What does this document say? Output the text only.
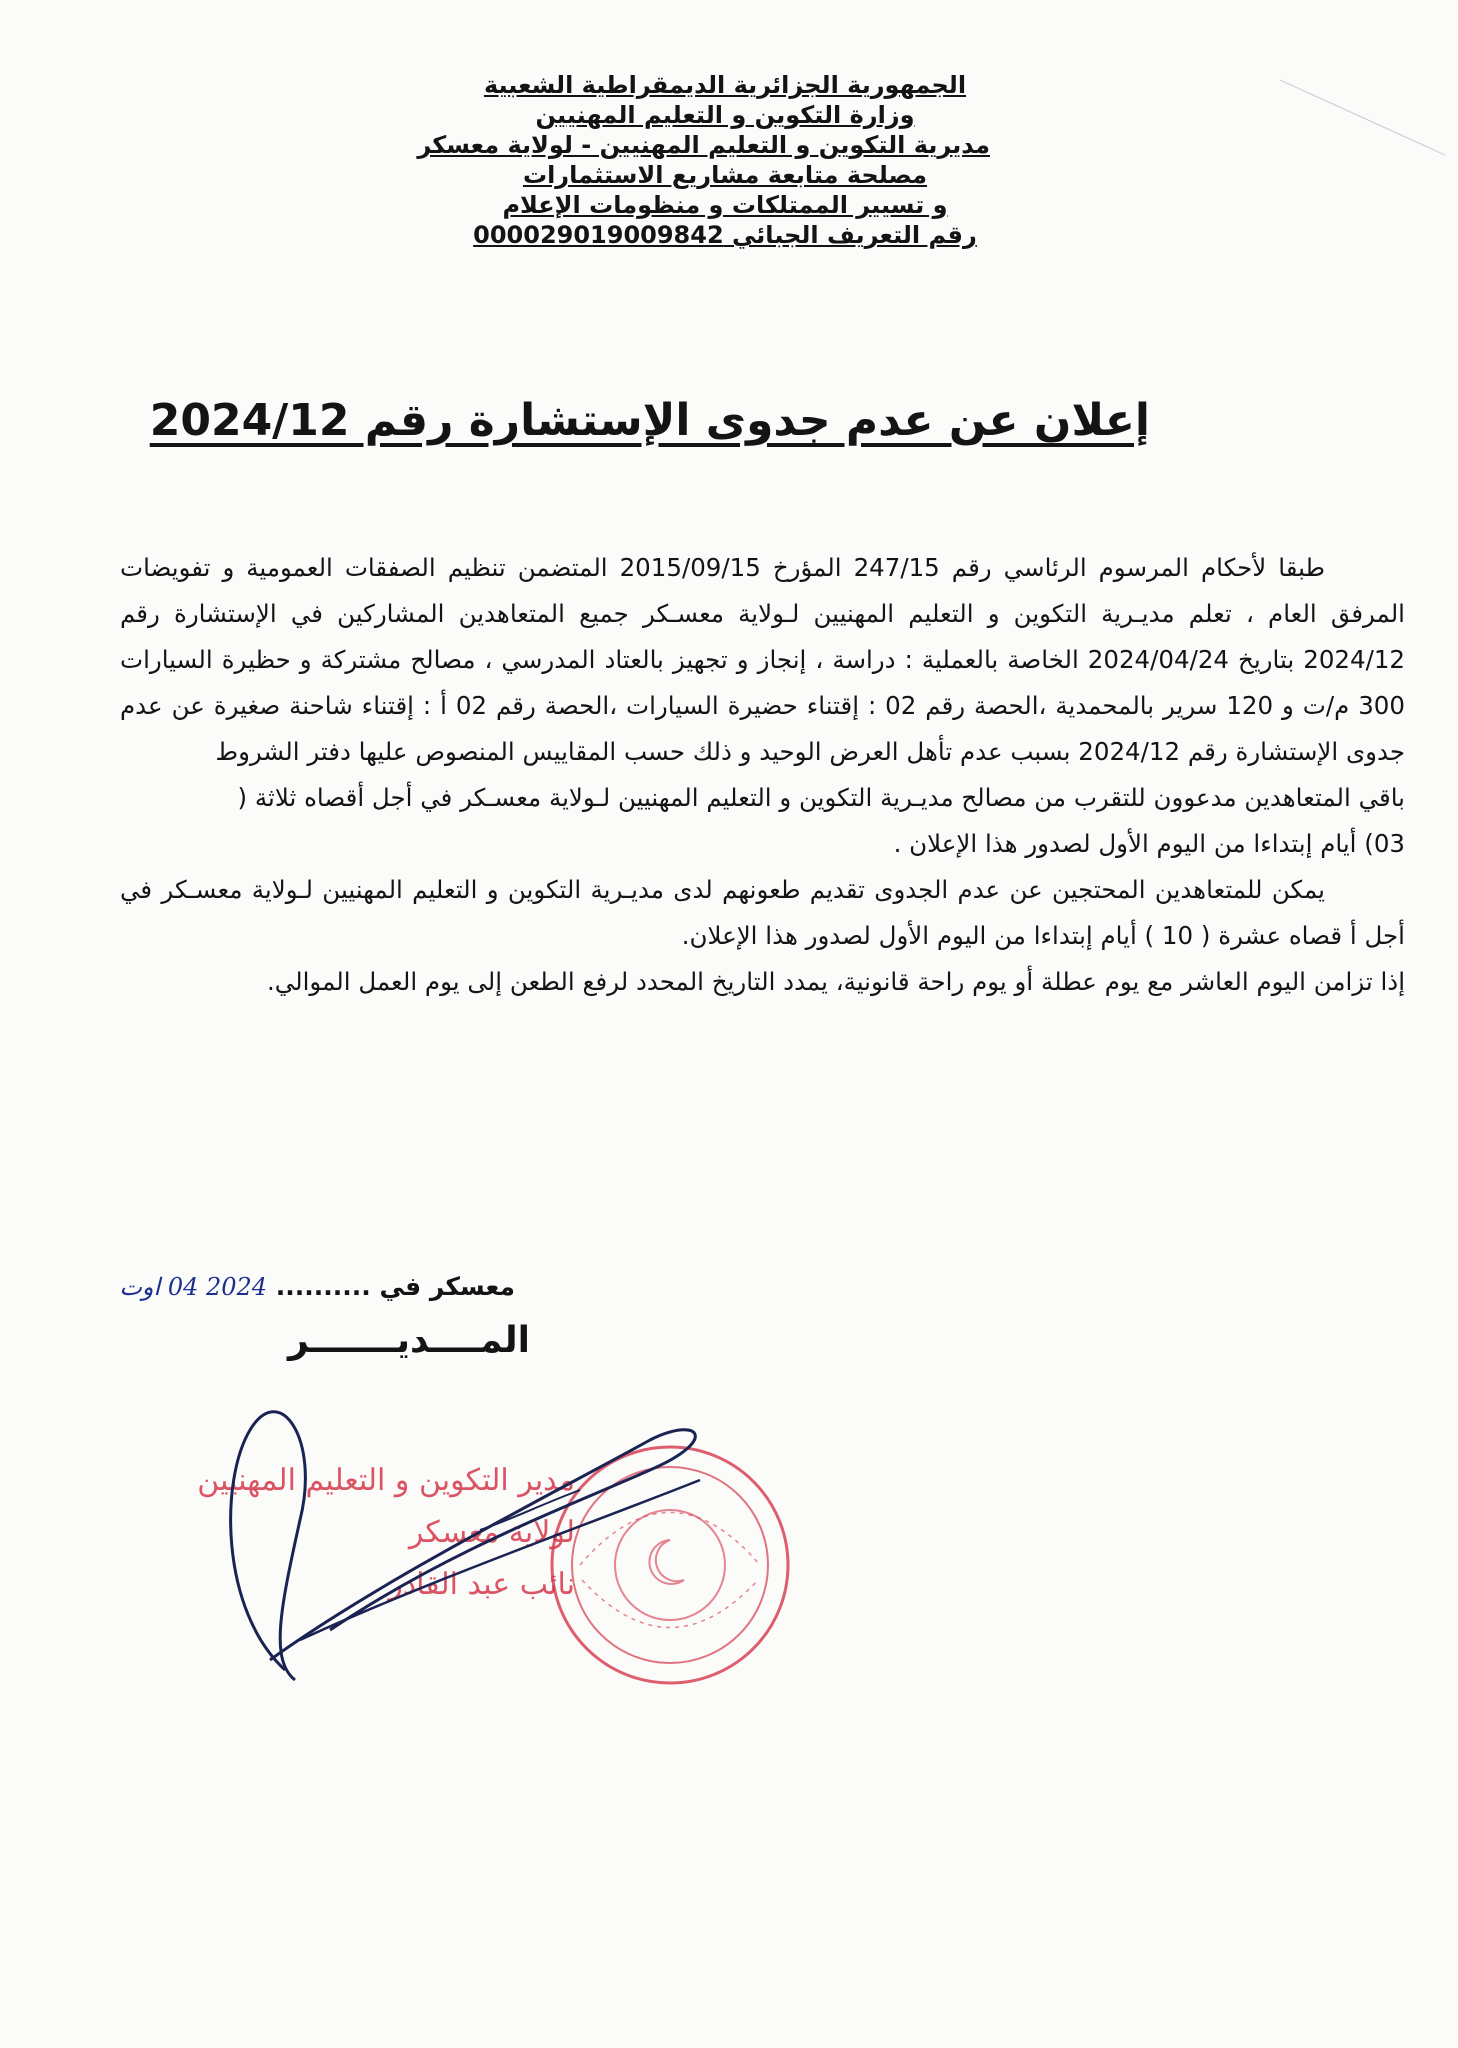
الجمهورية الجزائرية الديمقراطية الشعبية
وزارة التكوين و التعليم المهنيين
مديرية التكوين و التعليم المهنيين - لولاية معسكر
مصلحة متابعة مشاريع الاستثمارات
و تسيير الممتلكات و منظومات الإعلام
رقم التعريف الجبائي 000029019009842
إعلان عن عدم جدوى الإستشارة رقم 2024/12

طبقا لأحكام المرسوم الرئاسي رقم 247/15 المؤرخ 2015/09/15 المتضمن تنظيم الصفقات العمومية و تفويضات المرفق العام ، تعلم مديـرية التكوين و التعليم المهنيين لـولاية معسـكر جميع المتعاهدين المشاركين في الإستشارة رقم 2024/12 بتاريخ 2024/04/24 الخاصة بالعملية : دراسة ، إنجاز و تجهيز بالعتاد المدرسي ، مصالح مشتركة و حظيرة السيارات 300 م/ت و 120 سرير بالمحمدية ،الحصة رقم 02 : إقتناء حضيرة السيارات ،الحصة رقم 02 أ : إقتناء شاحنة صغيرة عن عدم جدوى الإستشارة رقم 2024/12 بسبب عدم تأهل العرض الوحيد و ذلك حسب المقاييس المنصوص عليها دفتر الشروط

باقي المتعاهدين مدعوون للتقرب من مصالح مديـرية التكوين و التعليم المهنيين لـولاية معسـكر في أجل أقصاه ثلاثة (
03) أيام إبتداءا من اليوم الأول لصدور هذا الإعلان .

يمكن للمتعاهدين المحتجين عن عدم الجدوى تقديم طعونهم لدى مديـرية التكوين و التعليم المهنيين لـولاية معسـكر في أجل أ قصاه عشرة ( 10 ) أيام إبتداءا من اليوم الأول لصدور هذا الإعلان.

إذا تزامن اليوم العاشر مع يوم عطلة أو يوم راحة قانونية، يمدد التاريخ المحدد لرفع الطعن إلى يوم العمل الموالي.

معسكر في .......... 2024 04 اوت
المــــديـــــــر
مدير التكوين و التعليم المهنيين
لولاية معسكر
نائب عبد القادر
